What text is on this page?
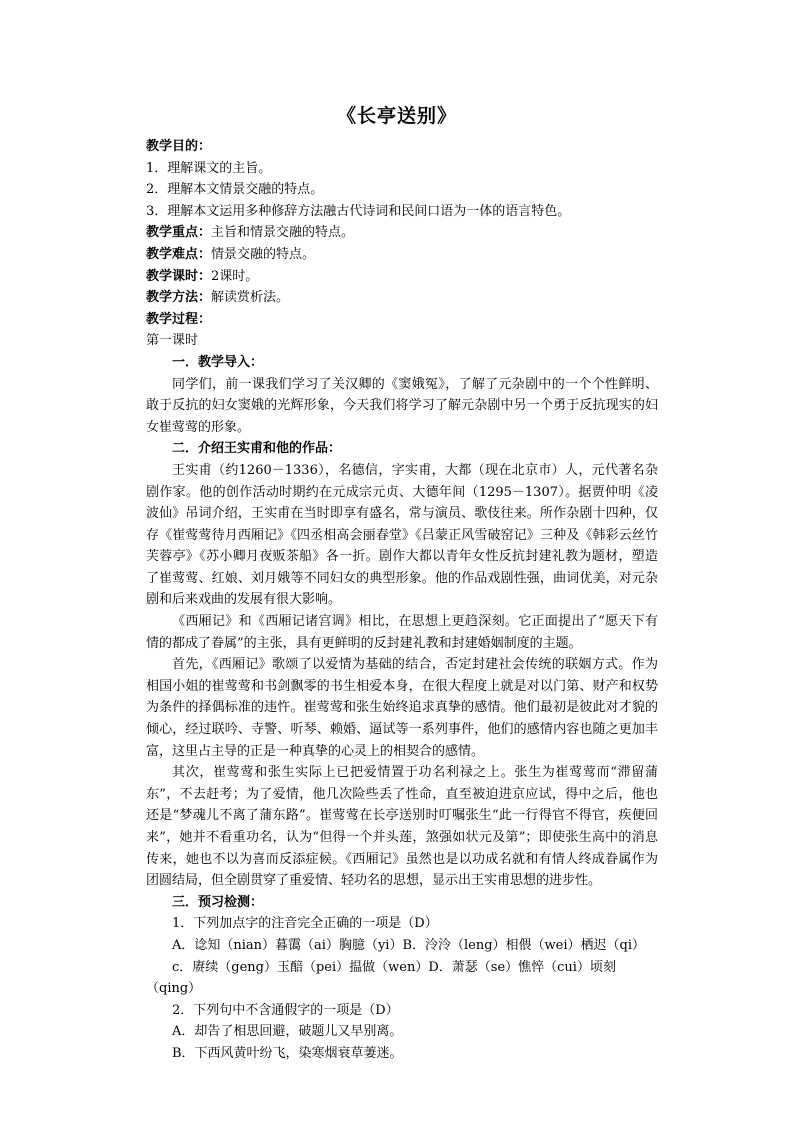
《长亭送别》

教学目的：

1．理解课文的主旨。

2．理解本文情景交融的特点。

3．理解本文运用多种修辞方法融古代诗词和民间口语为一体的语言特色。

教学重点：主旨和情景交融的特点。

教学难点：情景交融的特点。

教学课时：2课时。

教学方法：解读赏析法。

教学过程：

第一课时

一．教学导入：

同学们，前一课我们学习了关汉卿的《窦娥冤》，了解了元杂剧中的一个个性鲜明、敢于反抗的妇女窦娥的光辉形象，今天我们将学习了解元杂剧中另一个勇于反抗现实的妇女崔莺莺的形象。

二．介绍王实甫和他的作品：

王实甫（约1260－1336），名德信，字实甫，大都（现在北京市）人，元代著名杂剧作家。他的创作活动时期约在元成宗元贞、大德年间（1295－1307）。据贾仲明《凌波仙》吊词介绍，王实甫在当时即享有盛名，常与演员、歌伎往来。所作杂剧十四种，仅存《崔莺莺待月西厢记》《四丞相高会丽春堂》《吕蒙正风雪破窑记》三种及《韩彩云丝竹芙蓉亭》《苏小卿月夜贩茶船》各一折。剧作大都以青年女性反抗封建礼教为题材，塑造了崔莺莺、红娘、刘月娥等不同妇女的典型形象。他的作品戏剧性强，曲词优美，对元杂剧和后来戏曲的发展有很大影响。

《西厢记》和《西厢记诸宫调》相比，在思想上更趋深刻。它正面提出了“愿天下有情的都成了眷属”的主张，具有更鲜明的反封建礼教和封建婚姻制度的主题。

首先，《西厢记》歌颂了以爱情为基础的结合，否定封建社会传统的联姻方式。作为相国小姐的崔莺莺和书剑飘零的书生相爱本身，在很大程度上就是对以门第、财产和权势为条件的择偶标准的违忤。崔莺莺和张生始终追求真挚的感情。他们最初是彼此对才貌的倾心，经过联吟、寺警、听琴、赖婚、逼试等一系列事件，他们的感情内容也随之更加丰富，这里占主导的正是一种真挚的心灵上的相契合的感情。

其次，崔莺莺和张生实际上已把爱情置于功名利禄之上。张生为崔莺莺而“滞留蒲东”，不去赶考；为了爱情，他几次险些丢了性命，直至被迫进京应试，得中之后，他也还是“梦魂儿不离了蒲东路”。崔莺莺在长亭送别时叮嘱张生“此一行得官不得官，疾便回来”，她并不看重功名，认为“但得一个并头莲，煞强如状元及第”；即使张生高中的消息传来，她也不以为喜而反添症候。《西厢记》虽然也是以功成名就和有情人终成眷属作为团圆结局，但全剧贯穿了重爱情、轻功名的思想，显示出王实甫思想的进步性。

三．预习检测：

1．下列加点字的注音完全正确的一项是（D）

A．谂知（nian）暮霭（ai）胸臆（yi）B．泠泠（leng）相偎（wei）栖迟（qi）

c．赓续（geng）玉醅（pei）揾做（wen）D．萧瑟（se）憔悴（cui）顷刻（qing）

2．下列句中不含通假字的一项是（D）

A．却告了相思回避，破题儿又早别离。

B．下西风黄叶纷飞，染寒烟衰草萋迷。
